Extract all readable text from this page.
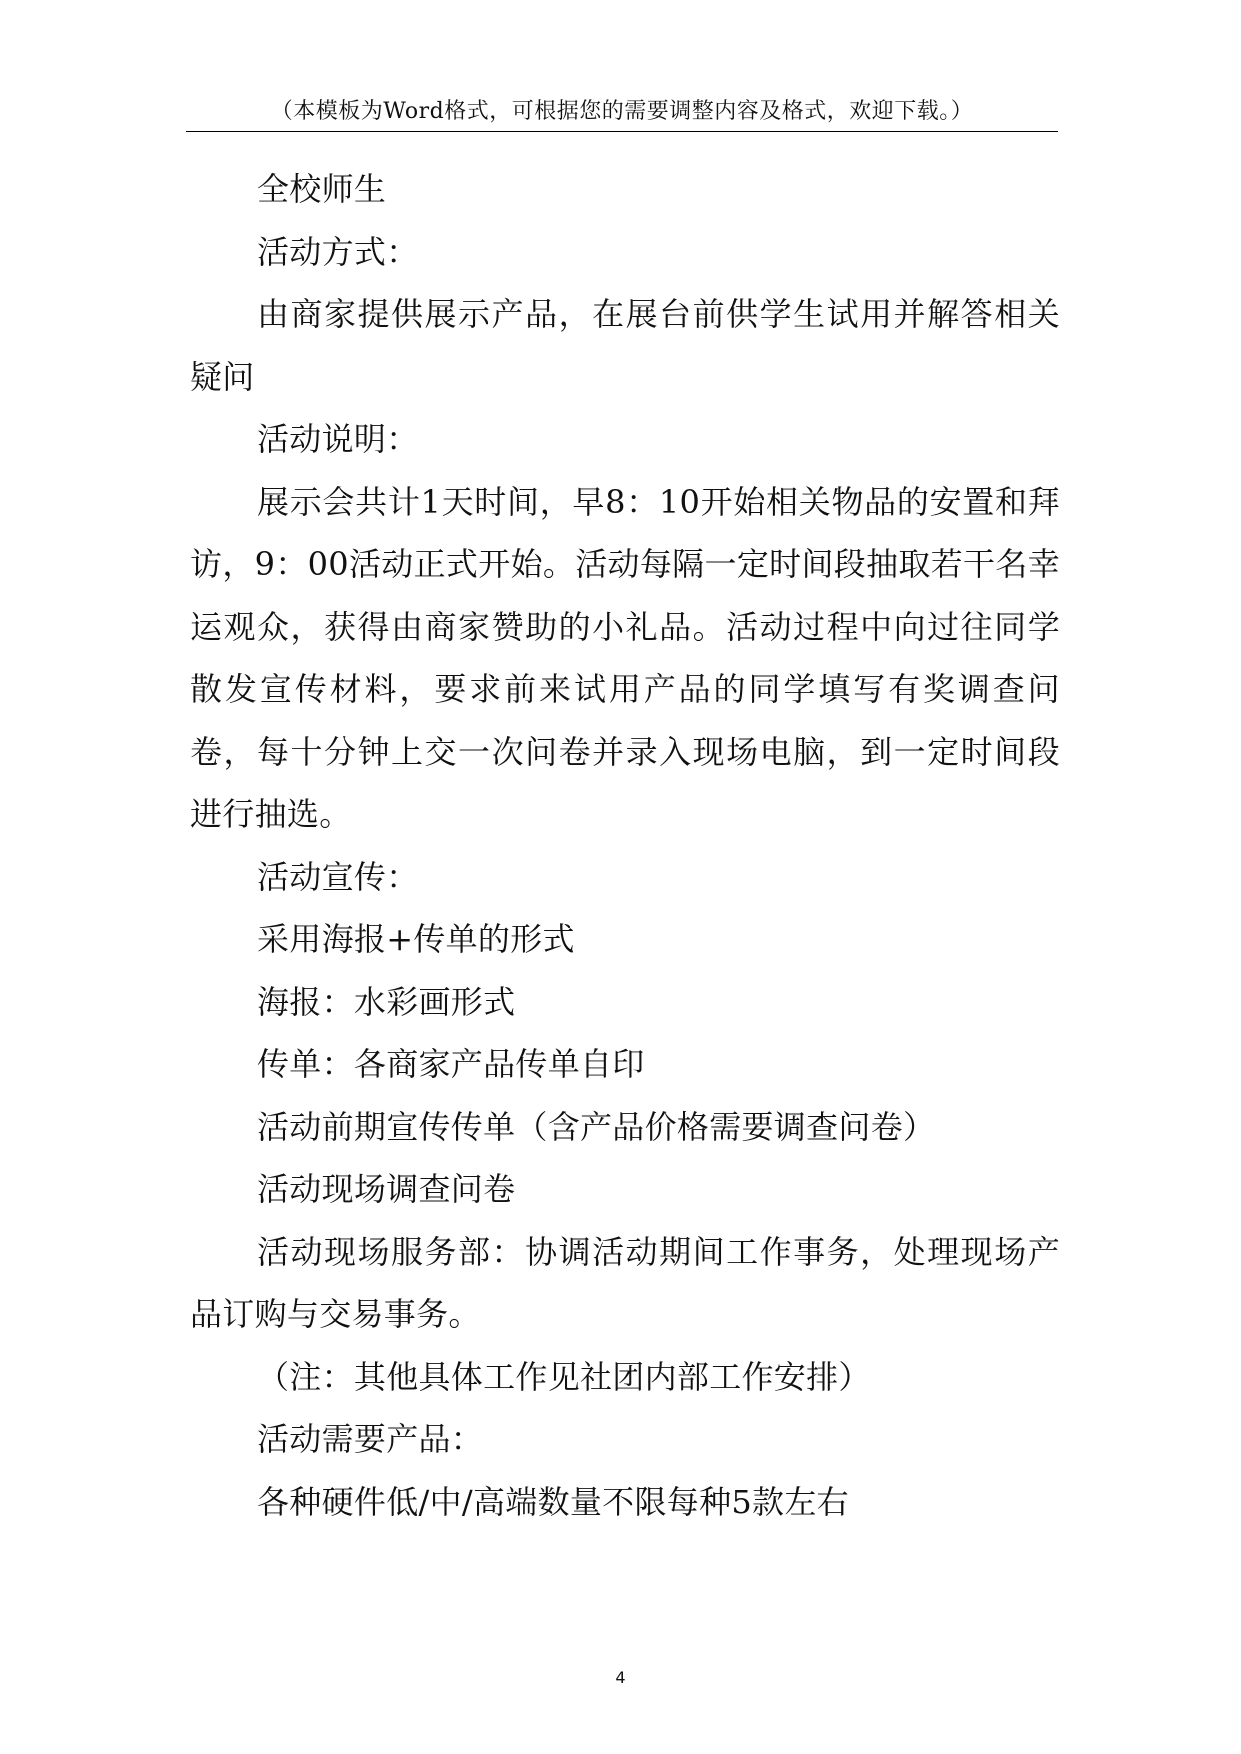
（本模板为Word格式，可根据您的需要调整内容及格式，欢迎下载。）

全校师生

活动方式：

由商家提供展示产品，在展台前供学生试用并解答相关疑问

活动说明：

展示会共计1天时间，早8：10开始相关物品的安置和拜访，9：00活动正式开始。活动每隔一定时间段抽取若干名幸运观众，获得由商家赞助的小礼品。活动过程中向过往同学散发宣传材料，要求前来试用产品的同学填写有奖调查问卷，每十分钟上交一次问卷并录入现场电脑，到一定时间段进行抽选。

活动宣传：

采用海报+传单的形式

海报：水彩画形式

传单：各商家产品传单自印

活动前期宣传传单（含产品价格需要调查问卷）

活动现场调查问卷

活动现场服务部：协调活动期间工作事务，处理现场产品订购与交易事务。

（注：其他具体工作见社团内部工作安排）

活动需要产品：

各种硬件低/中/高端数量不限每种5款左右

4
